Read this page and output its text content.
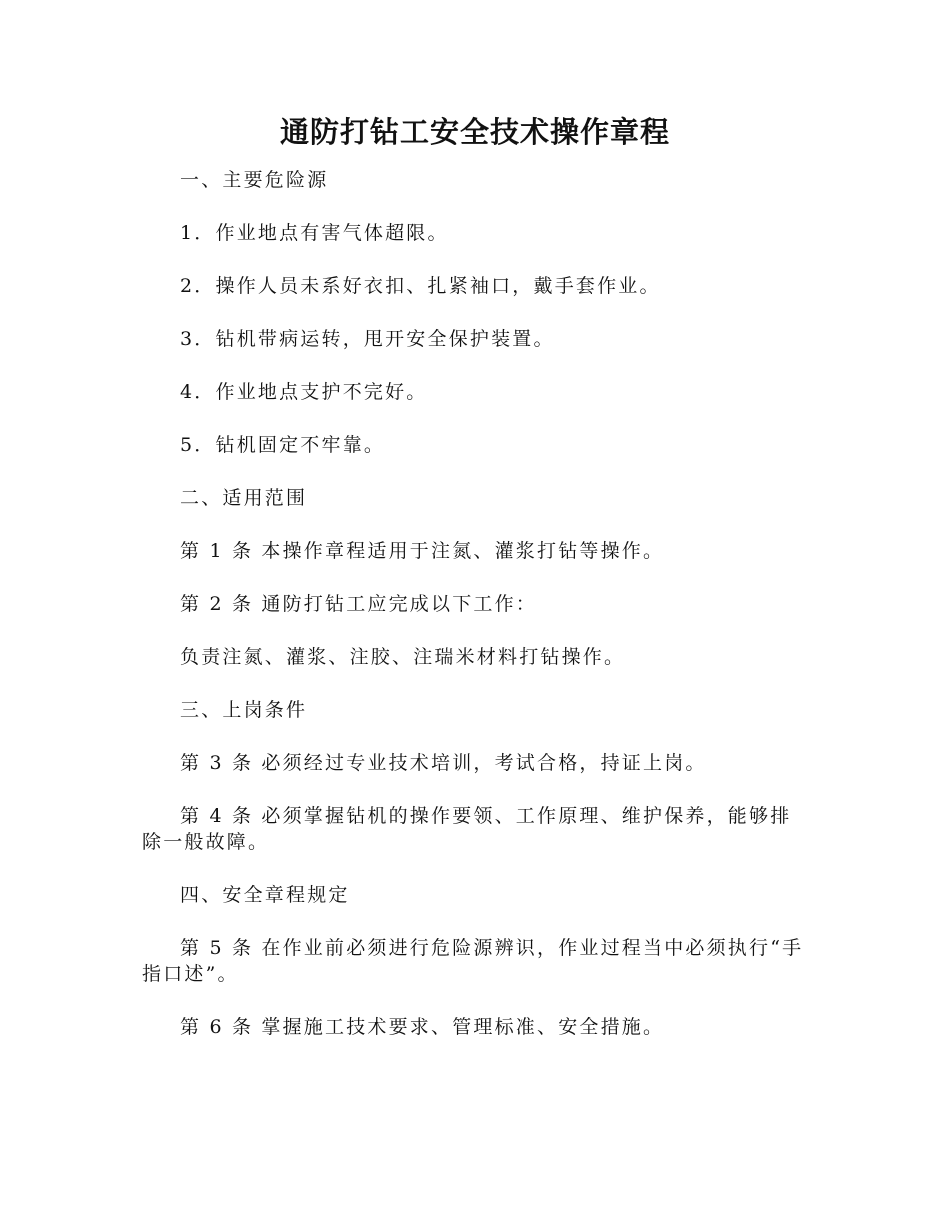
通防打钻工安全技术操作章程

一、主要危险源

1．作业地点有害气体超限。

2．操作人员未系好衣扣、扎紧袖口，戴手套作业。

3．钻机带病运转，甩开安全保护装置。

4．作业地点支护不完好。

5．钻机固定不牢靠。

二、适用范围

第 1 条 本操作章程适用于注氮、灌浆打钻等操作。

第 2 条 通防打钻工应完成以下工作：

负责注氮、灌浆、注胶、注瑞米材料打钻操作。

三、上岗条件

第 3 条 必须经过专业技术培训，考试合格，持证上岗。

第 4 条 必须掌握钻机的操作要领、工作原理、维护保养，能够排除一般故障。

四、安全章程规定

第 5 条 在作业前必须进行危险源辨识，作业过程当中必须执行“手指口述”。

第 6 条 掌握施工技术要求、管理标准、安全措施。
